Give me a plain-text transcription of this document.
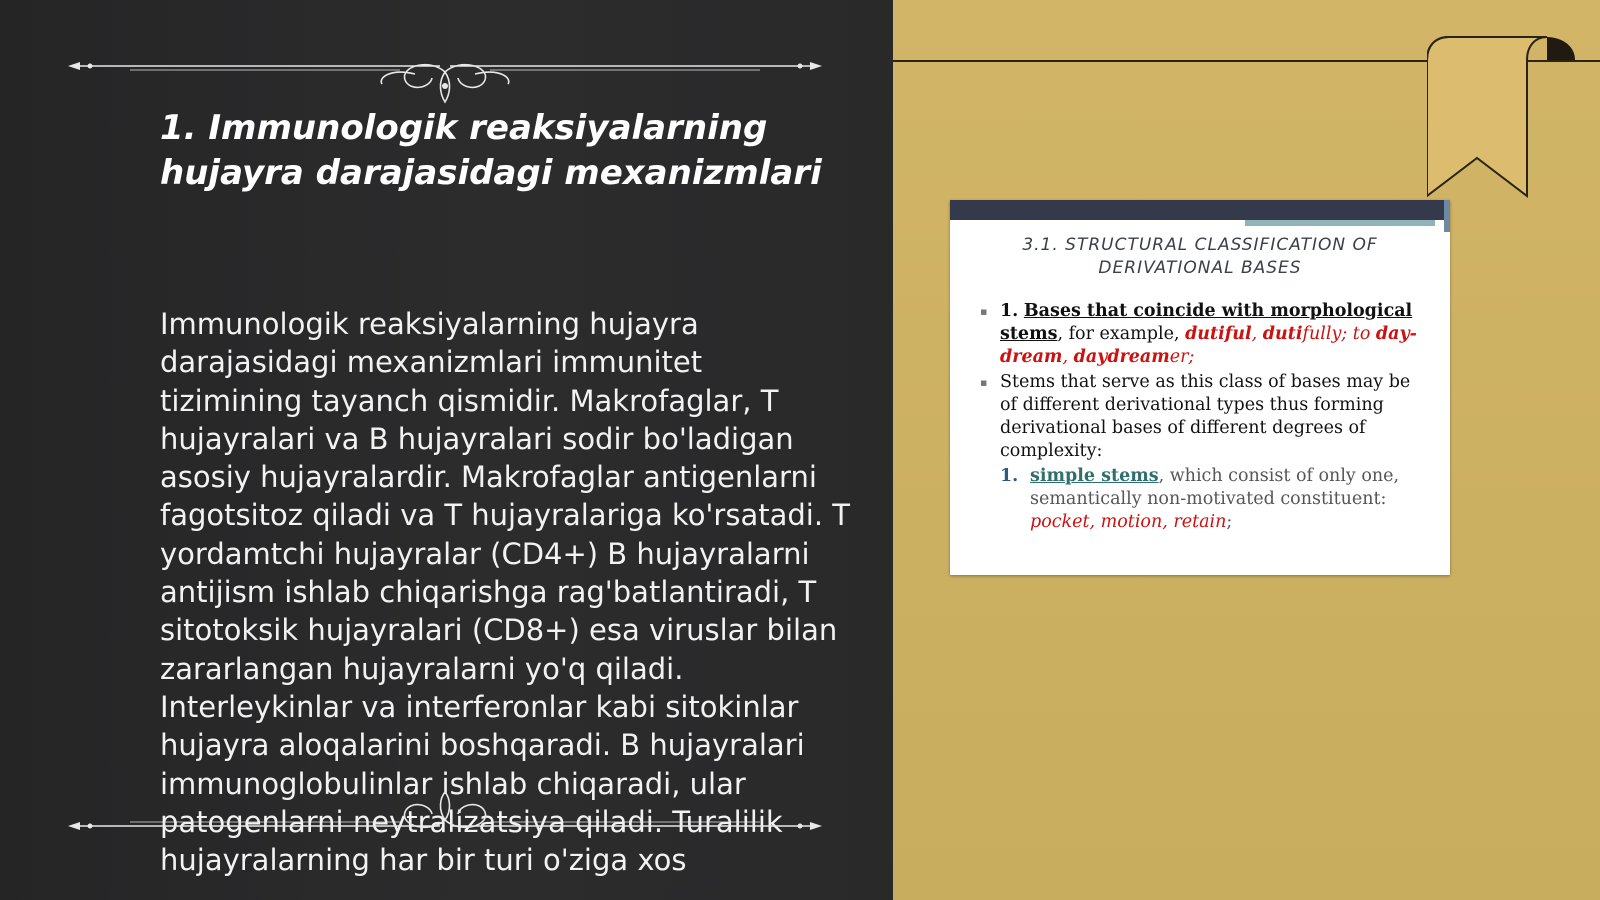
1. Immunologik reaksiyalarning hujayra darajasidagi mexanizmlari

Immunologik reaksiyalarning hujayra darajasidagi mexanizmlari immunitet tizimining tayanch qismidir. Makrofaglar, T hujayralari va B hujayralari sodir bo'ladigan asosiy hujayralardir. Makrofaglar antigenlarni fagotsitoz qiladi va T hujayralariga ko'rsatadi. T yordamtchi hujayralar (CD4+) B hujayralarni antijism ishlab chiqarishga rag'batlantiradi, T sitotoksik hujayralari (CD8+) esa viruslar bilan zararlangan hujayralarni yo'q qiladi. Interleykinlar va interferonlar kabi sitokinlar hujayra aloqalarini boshqaradi. B hujayralari immunoglobulinlar ishlab chiqaradi, ular patogenlarni neytralizatsiya qiladi. Turalilik hujayralarning har bir turi o'ziga xos

3.1. STRUCTURAL CLASSIFICATION OF
DERIVATIONAL BASES

▪ 1. Bases that coincide with morphological stems, for example, dutiful, dutifully; to day-dream, daydreamer;
▪ Stems that serve as this class of bases may be of different derivational types thus forming derivational bases of different degrees of complexity:
1. simple stems, which consist of only one, semantically non-motivated constituent: pocket, motion, retain;
